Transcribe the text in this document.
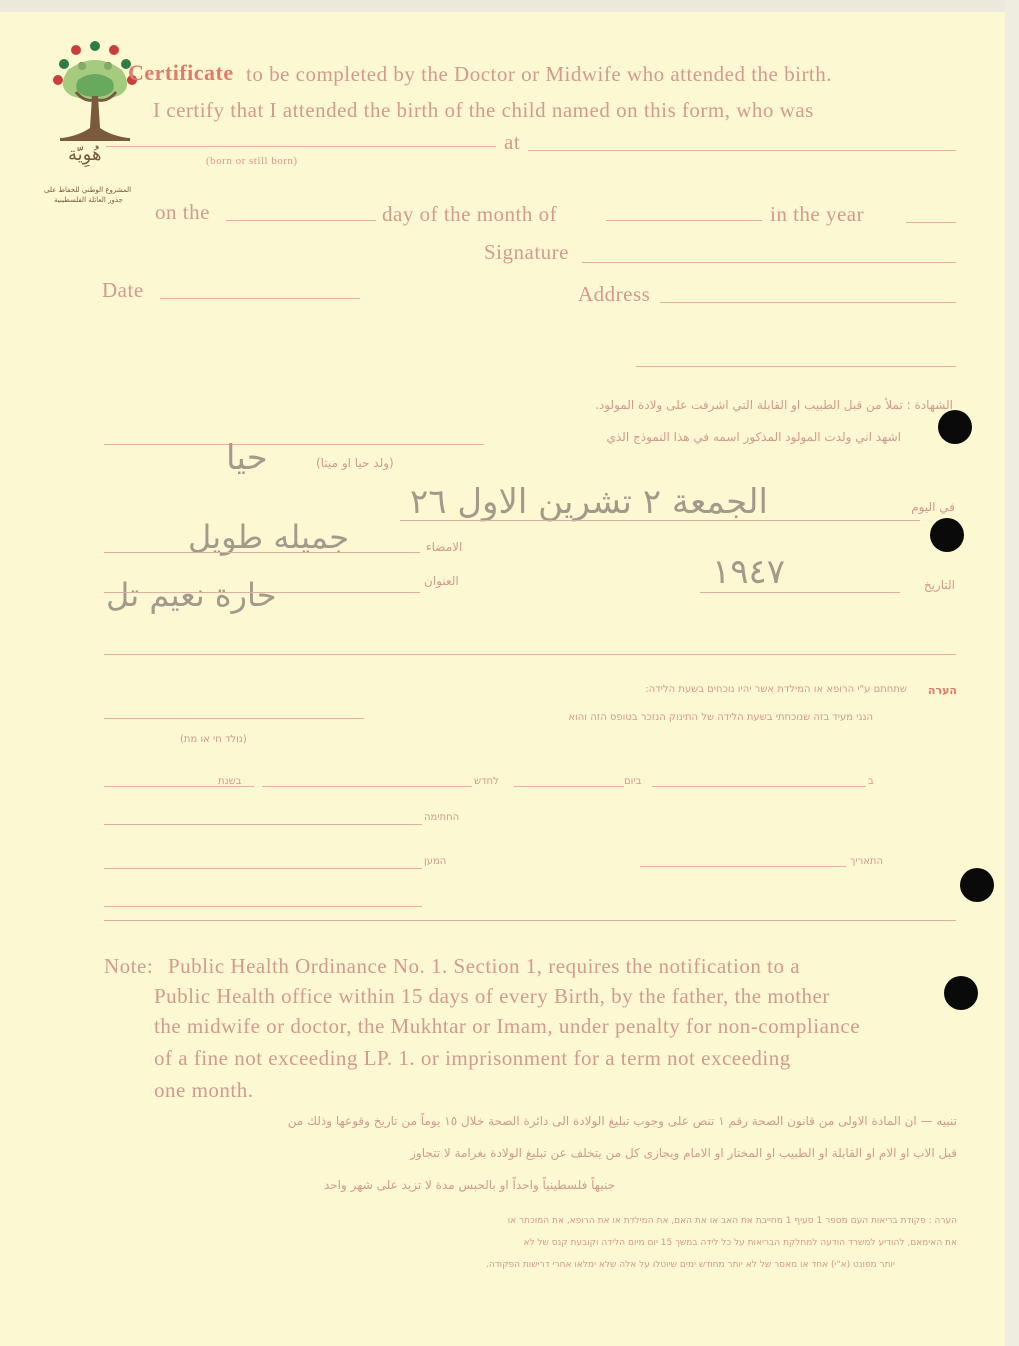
هُوِيّة
المشروع الوطني للحفاظ على
جذور العائلة الفلسطينية
Certificate to be completed by the Doctor or Midwife who attended the birth.
I certify that I attended the birth of the child named on this form, who was
at
(born or still born)
on the	day of the month of	in the year
Signature
Date	Address
الشهادة : تملأ من قبل الطبيب او القابلة التي اشرفت على ولادة المولود.
اشهد اني ولدت المولود المذكور اسمه في هذا النموذج الذي
حيا	(ولد حيا او ميتا)
في اليوم
الجمعة ٢ تشرين الاول ٢٦
جميله طويل	الامضاء
حارة نعيم تل	العنوان	١٩٤٧	التاريخ
הערה
שתחתם ע"י הרופא או המילדת אשר יהיו נוכחים בשעת הלידה:
הנני מעיד בזה שנוכחתי בשעת הלידה של התינוק הנזכר בטופס הזה והוא
(נולד חי או מת)
בשנת	לחדש	ביום	ב
החתימה
המען	התאריך
Note: Public Health Ordinance No. 1. Section 1, requires the notification to a
Public Health office within 15 days of every Birth, by the father, the mother
the midwife or doctor, the Mukhtar or Imam, under penalty for non-compliance
of a fine not exceeding LP. 1. or imprisonment for a term not exceeding
one month.
تنبيه — ان المادة الاولى من قانون الصحة رقم ١ تنص على وجوب تبليغ الولادة الى دائرة الصحة خلال ١٥ يوماً من تاريخ وقوعها وذلك من
قبل الاب او الام او القابلة او الطبيب او المختار او الامام ويجازى كل من يتخلف عن تبليغ الولادة بغرامة لا تتجاوز
جنيهاً فلسطينياً واحداً او بالحبس مدة لا تزيد على شهر واحد
הערה : פקודת בריאות העם מספר 1 סעיף 1 מחייבת את האב או את האם, את המילדת או את הרופא, את המוכתר או
את האימאם, להודיע למשרד הודעה למחלקת הבריאות על כל לידה במשך 15 יום מיום הלידה וקובעת קנס של לא
יותר מפונט (א"י) אחד או מאסר של לא יותר מחודש ימים שיוטלו על אלה שלא ימלאו אחרי דרישות הפקודה.
